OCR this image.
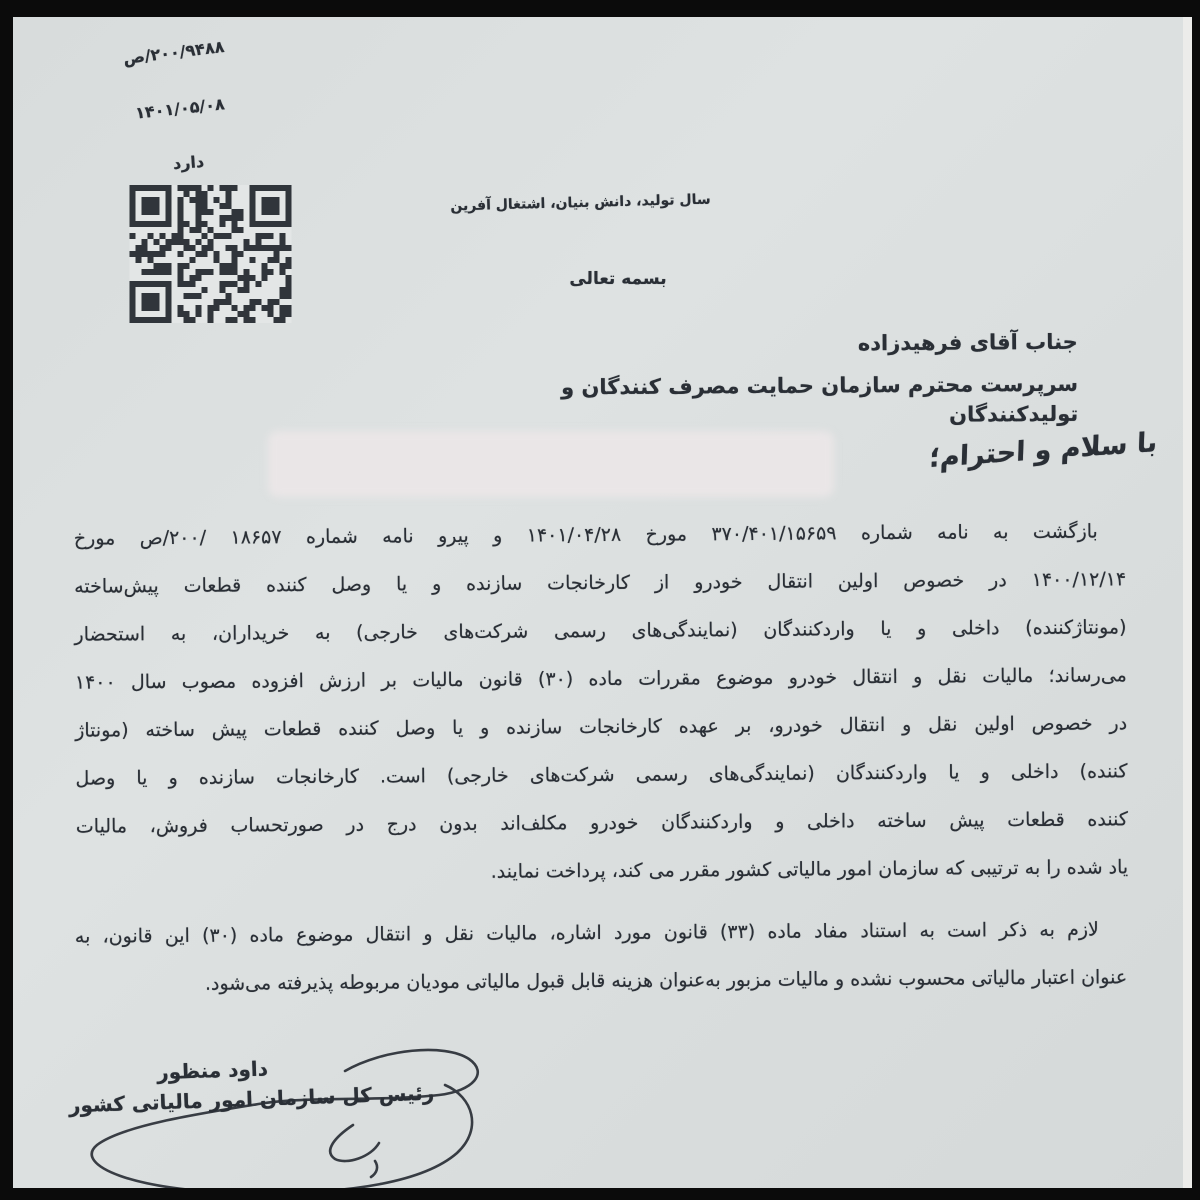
۲۰۰/۹۴۸۸/ص
۱۴۰۱/۰۵/۰۸
دارد
سال تولید، دانش بنیان، اشتغال آفرین
بسمه تعالی
جناب آقای فرهیدزاده
سرپرست محترم سازمان حمایت مصرف کنندگان و تولیدکنندگان
با سلام و احترام؛
بازگشت به نامه شماره ۳۷۰/۴۰۱/۱۵۶۵۹ مورخ ۱۴۰۱/۰۴/۲۸ و پیرو نامه شماره ۱۸۶۵۷ /۲۰۰/ص مورخ
۱۴۰۰/۱۲/۱۴ در خصوص اولین انتقال خودرو از کارخانجات سازنده و یا وصل کننده قطعات پیش‌ساخته
(مونتاژکننده) داخلی و یا واردکنندگان (نمایندگی‌های رسمی شرکت‌های خارجی) به خریداران، به استحضار
می‌رساند؛ مالیات نقل و انتقال خودرو موضوع مقررات ماده (۳۰) قانون مالیات بر ارزش افزوده مصوب سال ۱۴۰۰
در خصوص اولین نقل و انتقال خودرو، بر عهده کارخانجات سازنده و یا وصل کننده قطعات پیش ساخته (مونتاژ
کننده) داخلی و یا واردکنندگان (نمایندگی‌های رسمی شرکت‌های خارجی) است. کارخانجات سازنده و یا وصل
کننده قطعات پیش ساخته داخلی و واردکنندگان خودرو مکلف‌اند بدون درج در صورتحساب فروش، مالیات
یاد شده را به ترتیبی که سازمان امور مالیاتی کشور مقرر می کند، پرداخت نمایند.
لازم به ذکر است به استناد مفاد ماده (۳۳) قانون مورد اشاره، مالیات نقل و انتقال موضوع ماده (۳۰) این قانون، به
عنوان اعتبار مالیاتی محسوب نشده و مالیات مزبور به‌عنوان هزینه قابل قبول مالیاتی مودیان مربوطه پذیرفته می‌شود.
داود منظور
رئیس کل سازمان امور مالیاتی کشور
